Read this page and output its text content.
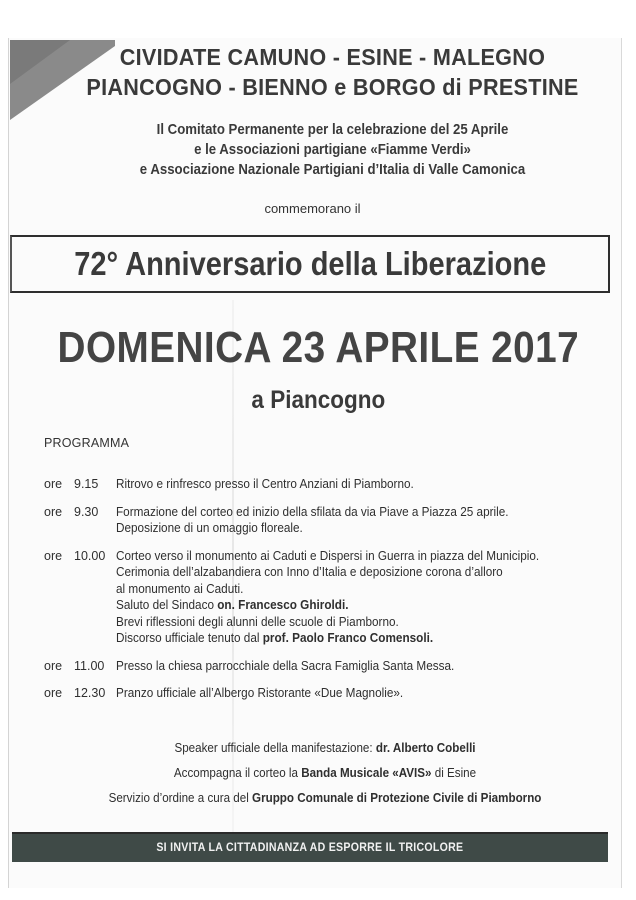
CIVIDATE CAMUNO - ESINE - MALEGNO
PIANCOGNO - BIENNO e BORGO di PRESTINE
Il Comitato Permanente per la celebrazione del 25 Aprile
e le Associazioni partigiane «Fiamme Verdi»
e Associazione Nazionale Partigiani d’Italia di Valle Camonica
commemorano il
72° Anniversario della Liberazione
DOMENICA 23 APRILE 2017
a Piancogno
PROGRAMMA
ore 9.15	Ritrovo e rinfresco presso il Centro Anziani di Piamborno.
ore 9.30	Formazione del corteo ed inizio della sfilata da via Piave a Piazza 25 aprile.
Deposizione di un omaggio floreale.
ore 10.00 Corteo verso il monumento ai Caduti e Dispersi in Guerra in piazza del Municipio.
Cerimonia dell’alzabandiera con Inno d’Italia e deposizione corona d’alloro
al monumento ai Caduti.
Saluto del Sindaco on. Francesco Ghiroldi.
Brevi riflessioni degli alunni delle scuole di Piamborno.
Discorso ufficiale tenuto dal prof. Paolo Franco Comensoli.
ore 11.00 Presso la chiesa parrocchiale della Sacra Famiglia Santa Messa.
ore 12.30 Pranzo ufficiale all’Albergo Ristorante «Due Magnolie».
Speaker ufficiale della manifestazione: dr. Alberto Cobelli
Accompagna il corteo la Banda Musicale «AVIS» di Esine
Servizio d’ordine a cura del Gruppo Comunale di Protezione Civile di Piamborno
SI INVITA LA CITTADINANZA AD ESPORRE IL TRICOLORE
